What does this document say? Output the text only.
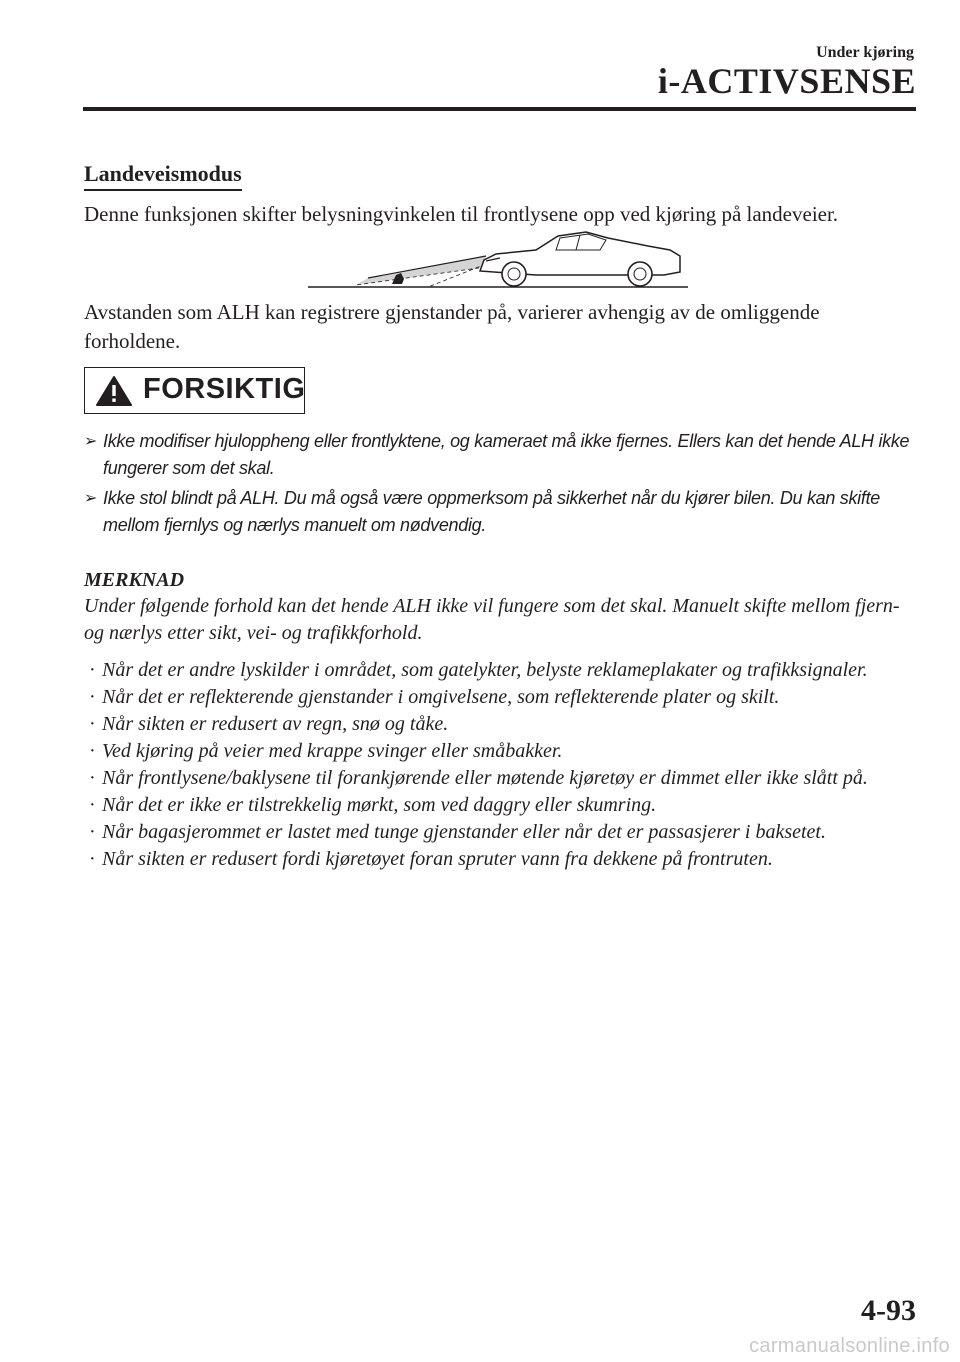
Under kjøring
i-ACTIVSENSE
Landeveismodus
Denne funksjonen skifter belysningvinkelen til frontlysene opp ved kjøring på landeveier.
Avstanden som ALH kan registrere gjenstander på, varierer avhengig av de omliggende forholdene.
FORSIKTIG
➢ Ikke modifiser hjuloppheng eller frontlyktene, og kameraet må ikke fjernes. Ellers kan det hende ALH ikke fungerer som det skal.
➢ Ikke stol blindt på ALH. Du må også være oppmerksom på sikkerhet når du kjører bilen. Du kan skifte mellom fjernlys og nærlys manuelt om nødvendig.
MERKNAD
Under følgende forhold kan det hende ALH ikke vil fungere som det skal. Manuelt skifte mellom fjern- og nærlys etter sikt, vei- og trafikkforhold.
· Når det er andre lyskilder i området, som gatelykter, belyste reklameplakater og trafikksignaler.
· Når det er reflekterende gjenstander i omgivelsene, som reflekterende plater og skilt.
· Når sikten er redusert av regn, snø og tåke.
· Ved kjøring på veier med krappe svinger eller småbakker.
· Når frontlysene/baklysene til forankjørende eller møtende kjøretøy er dimmet eller ikke slått på.
· Når det er ikke er tilstrekkelig mørkt, som ved daggry eller skumring.
· Når bagasjerommet er lastet med tunge gjenstander eller når det er passasjerer i baksetet.
· Når sikten er redusert fordi kjøretøyet foran spruter vann fra dekkene på frontruten.
4-93
carmanualsonline.info
